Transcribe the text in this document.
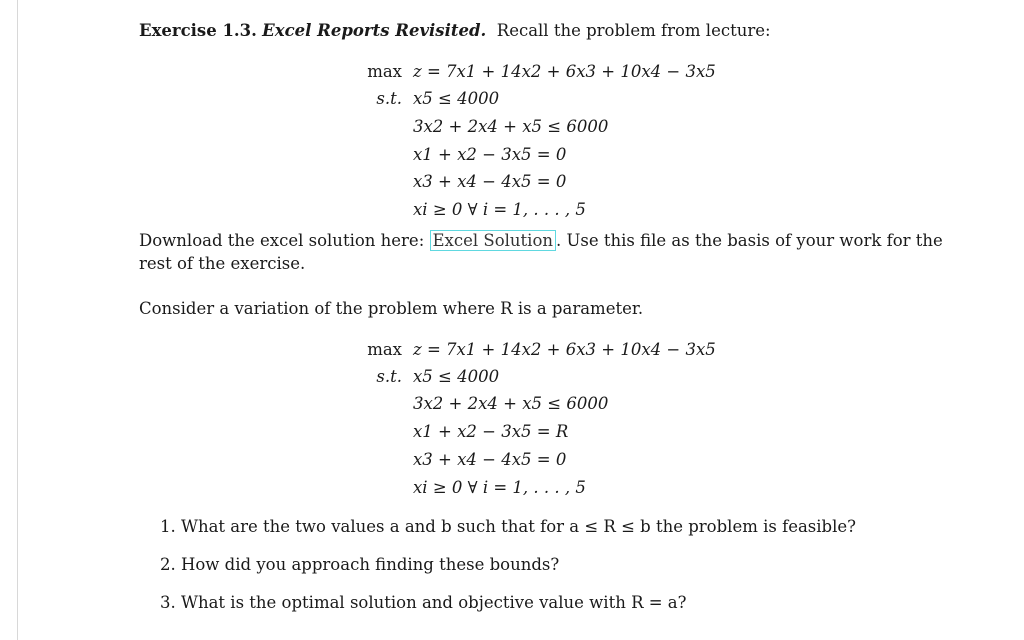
Exercise 1.3. Excel Reports Revisited. Recall the problem from lecture:
max z = 7x1 + 14x2 + 6x3 + 10x4 − 3x5
s.t. x5 ≤ 4000
3x2 + 2x4 + x5 ≤ 6000
x1 + x2 − 3x5 = 0
x3 + x4 − 4x5 = 0
xi ≥ 0 ∀ i = 1, . . . , 5
Download the excel solution here: Excel Solution . Use this file as the basis of your work for the
rest of the exercise.
Consider a variation of the problem where R is a parameter.
max z = 7x1 + 14x2 + 6x3 + 10x4 − 3x5
s.t. x5 ≤ 4000
3x2 + 2x4 + x5 ≤ 6000
x1 + x2 − 3x5 = R
x3 + x4 − 4x5 = 0
xi ≥ 0 ∀ i = 1, . . . , 5
1. What are the two values a and b such that for a ≤ R ≤ b the problem is feasible?
2. How did you approach finding these bounds?
3. What is the optimal solution and objective value with R = a?
